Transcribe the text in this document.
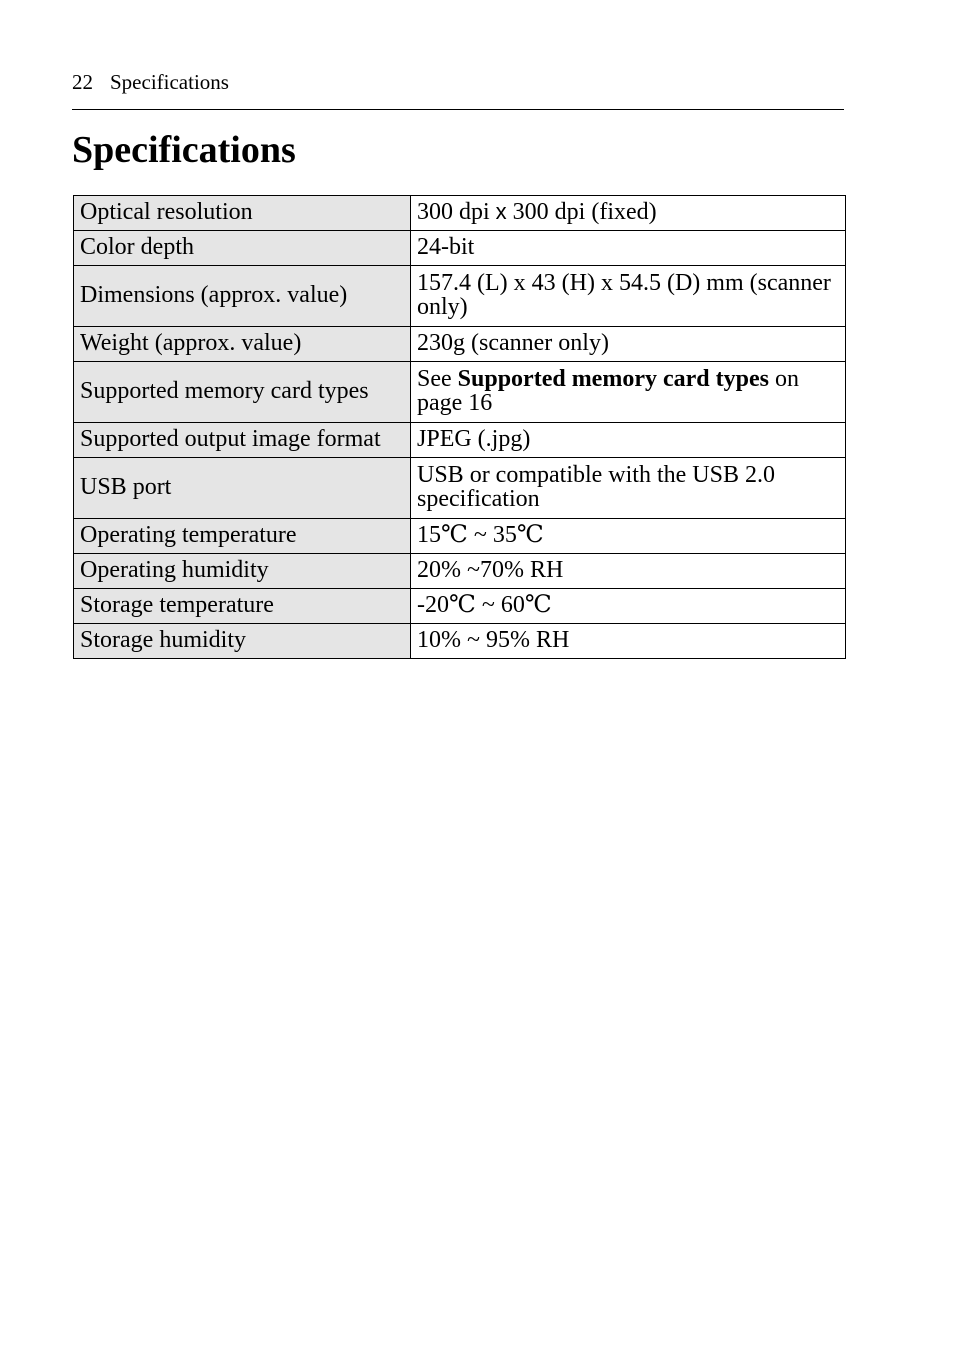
22 Specifications
Specifications
Optical resolution	300 dpi x 300 dpi (fixed)
Color depth	24-bit
Dimensions (approx. value)	157.4 (L) x 43 (H) x 54.5 (D) mm (scanner only)
Weight (approx. value)	230g (scanner only)
Supported memory card types	See Supported memory card types on page 16
Supported output image format	JPEG (.jpg)
USB port	USB or compatible with the USB 2.0 specification
Operating temperature	15℃ ~ 35℃
Operating humidity	20% ~70% RH
Storage temperature	-20℃ ~ 60℃
Storage humidity	10% ~ 95% RH
